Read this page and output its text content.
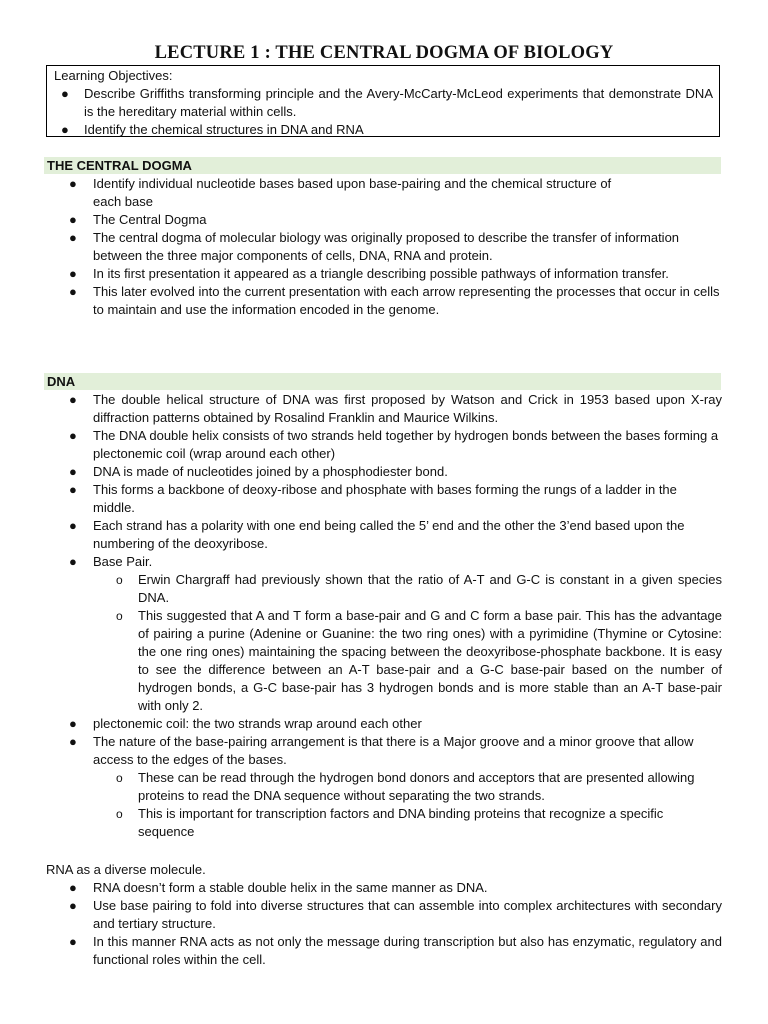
LECTURE 1 : THE CENTRAL DOGMA OF BIOLOGY
Learning Objectives:
● Describe Griffiths transforming principle and the Avery-McCarty-McLeod experiments that demonstrate DNA is the hereditary material within cells.
● Identify the chemical structures in DNA and RNA
THE CENTRAL DOGMA
● Identify individual nucleotide bases based upon base-pairing and the chemical structure of each base
● The Central Dogma
● The central dogma of molecular biology was originally proposed to describe the transfer of information between the three major components of cells, DNA, RNA and protein.
● In its first presentation it appeared as a triangle describing possible pathways of information transfer.
● This later evolved into the current presentation with each arrow representing the processes that occur in cells to maintain and use the information encoded in the genome.
DNA
● The double helical structure of DNA was first proposed by Watson and Crick in 1953 based upon X-ray diffraction patterns obtained by Rosalind Franklin and Maurice Wilkins.
● The DNA double helix consists of two strands held together by hydrogen bonds between the bases forming a plectonemic coil (wrap around each other)
● DNA is made of nucleotides joined by a phosphodiester bond.
● This forms a backbone of deoxy-ribose and phosphate with bases forming the rungs of a ladder in the middle.
● Each strand has a polarity with one end being called the 5’ end and the other the 3’end based upon the numbering of the deoxyribose.
● Base Pair.
o Erwin Chargraff had previously shown that the ratio of A-T and G-C is constant in a given species DNA.
o This suggested that A and T form a base-pair and G and C form a base pair. This has the advantage of pairing a purine (Adenine or Guanine: the two ring ones) with a pyrimidine (Thymine or Cytosine: the one ring ones) maintaining the spacing between the deoxyribose-phosphate backbone. It is easy to see the difference between an A-T base-pair and a G-C base-pair based on the number of hydrogen bonds, a G-C base-pair has 3 hydrogen bonds and is more stable than an A-T base-pair with only 2.
● plectonemic coil: the two strands wrap around each other
● The nature of the base-pairing arrangement is that there is a Major groove and a minor groove that allow access to the edges of the bases.
o These can be read through the hydrogen bond donors and acceptors that are presented allowing proteins to read the DNA sequence without separating the two strands.
o This is important for transcription factors and DNA binding proteins that recognize a specific sequence
RNA as a diverse molecule.
● RNA doesn’t form a stable double helix in the same manner as DNA.
● Use base pairing to fold into diverse structures that can assemble into complex architectures with secondary and tertiary structure.
● In this manner RNA acts as not only the message during transcription but also has enzymatic, regulatory and functional roles within the cell.
